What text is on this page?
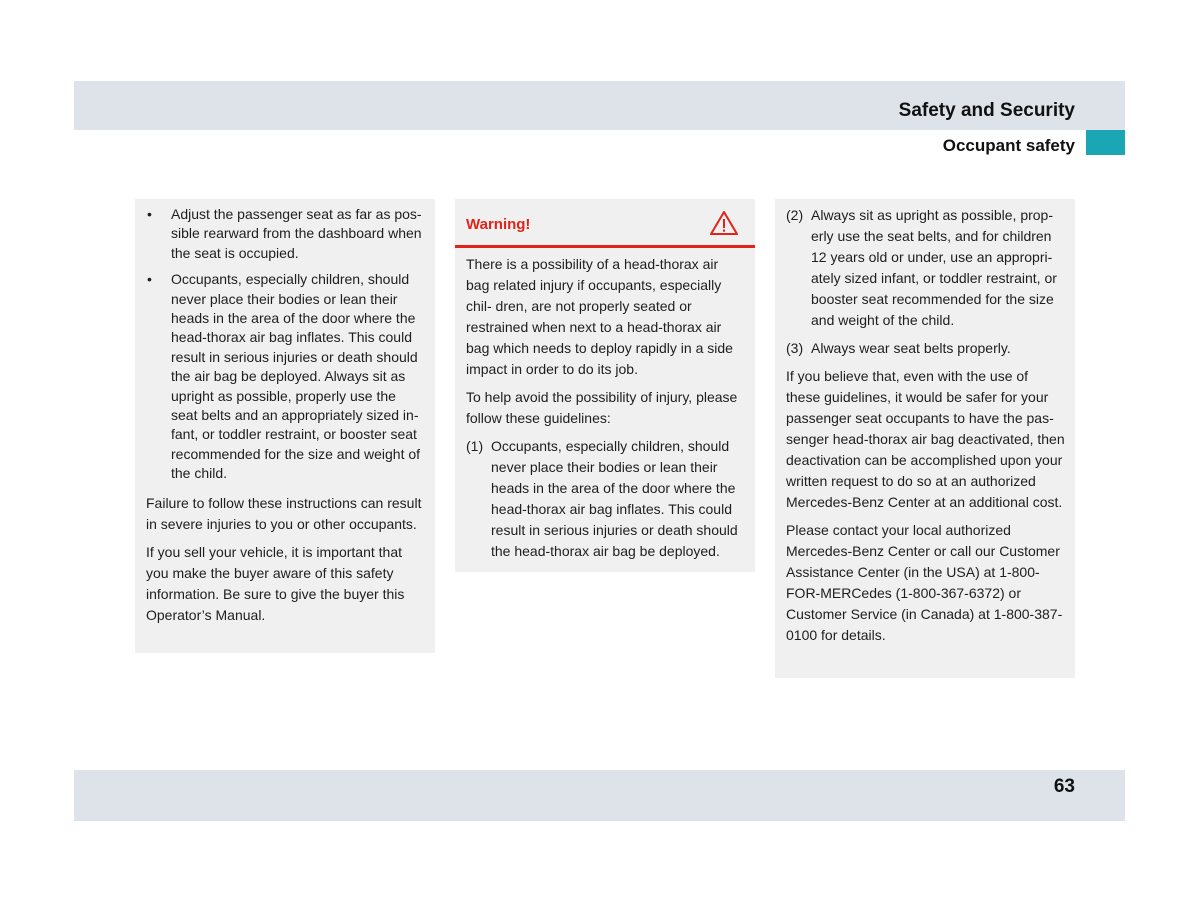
Safety and Security
Occupant safety
• Adjust the passenger seat as far as pos- sible rearward from the dashboard when the seat is occupied.
• Occupants, especially children, should never place their bodies or lean their heads in the area of the door where the head-thorax air bag inflates. This could result in serious injuries or death should the air bag be deployed. Always sit as upright as possible, properly use the seat belts and an appropriately sized in- fant, or toddler restraint, or booster seat recommended for the size and weight of the child.

Failure to follow these instructions can result in severe injuries to you or other occupants.

If you sell your vehicle, it is important that you make the buyer aware of this safety information. Be sure to give the buyer this Operator’s Manual.

Warning!

There is a possibility of a head-thorax air bag related injury if occupants, especially chil- dren, are not properly seated or restrained when next to a head-thorax air bag which needs to deploy rapidly in a side impact in order to do its job.

To help avoid the possibility of injury, please follow these guidelines:

(1) Occupants, especially children, should never place their bodies or lean their heads in the area of the door where the head-thorax air bag inflates. This could result in serious injuries or death should the head-thorax air bag be deployed.
(2) Always sit as upright as possible, prop- erly use the seat belts, and for children 12 years old or under, use an appropri- ately sized infant, or toddler restraint, or booster seat recommended for the size and weight of the child.
(3) Always wear seat belts properly.

If you believe that, even with the use of these guidelines, it would be safer for your passenger seat occupants to have the pas- senger head-thorax air bag deactivated, then deactivation can be accomplished upon your written request to do so at an authorized Mercedes-Benz Center at an additional cost.

Please contact your local authorized Mercedes-Benz Center or call our Customer Assistance Center (in the USA) at 1-800-FOR-MERCedes (1-800-367-6372) or Customer Service (in Canada) at 1-800-387-0100 for details.

63
